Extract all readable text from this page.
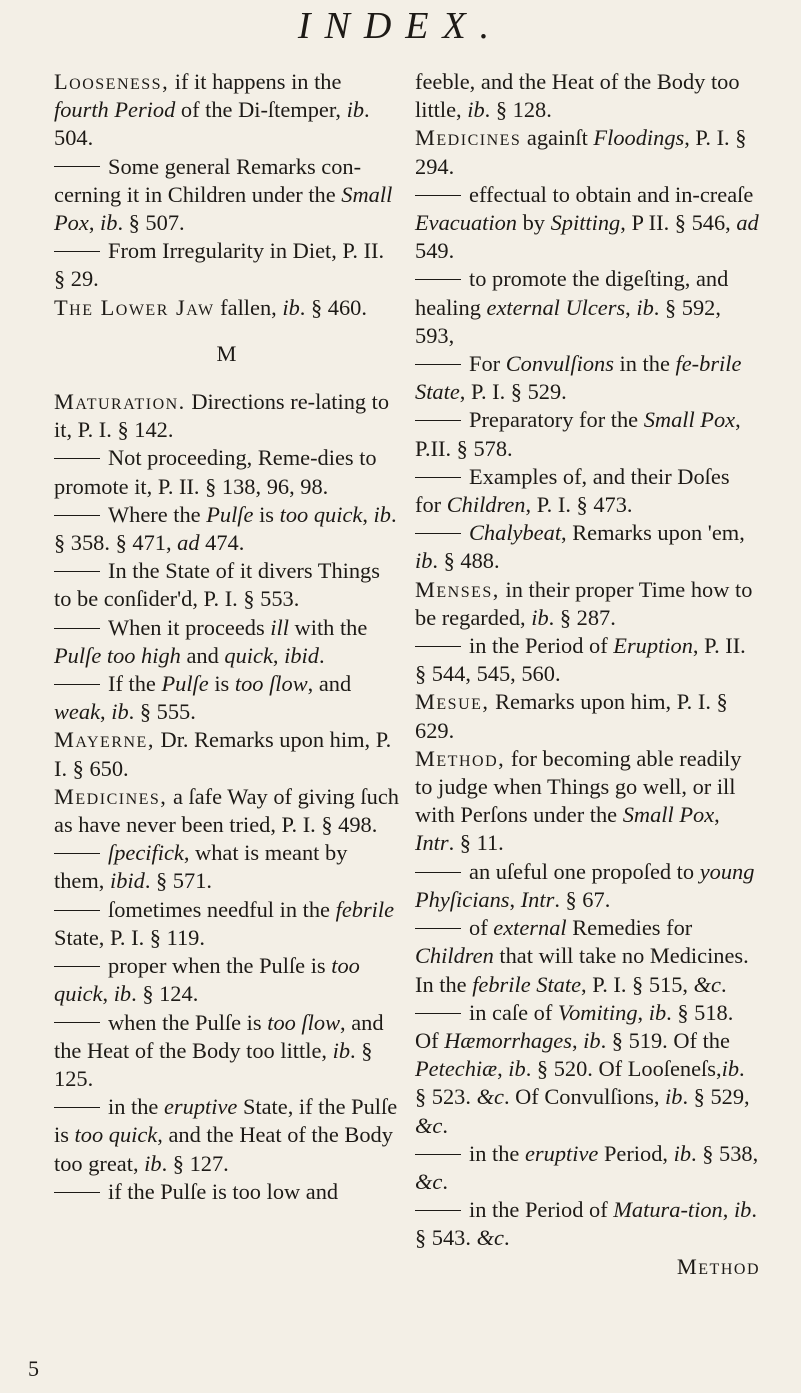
INDEX.

Looseness, if it happens in the fourth Period of the Di-ſtemper, ib. 504.

Some general Remarks con-cerning it in Children under the Small Pox, ib. § 507.

From Irregularity in Diet, P. II. § 29.

The Lower Jaw fallen, ib. § 460.

M

Maturation. Directions re-lating to it, P. I. § 142.

Not proceeding, Reme-dies to promote it, P. II. § 138, 96, 98.

Where the Pulſe is too quick, ib. § 358. § 471, ad 474.

In the State of it divers Things to be conſider'd, P. I. § 553.

When it proceeds ill with the Pulſe too high and quick, ibid.

If the Pulſe is too ſlow, and weak, ib. § 555.

Mayerne, Dr. Remarks upon him, P. I. § 650.

Medicines, a ſafe Way of giving ſuch as have never been tried, P. I. § 498.

ſpecifick, what is meant by them, ibid. § 571.

ſometimes needful in the febrile State, P. I. § 119.

proper when the Pulſe is too quick, ib. § 124.

when the Pulſe is too ſlow, and the Heat of the Body too little, ib. § 125.

in the eruptive State, if the Pulſe is too quick, and the Heat of the Body too great, ib. § 127.

if the Pulſe is too low and

feeble, and the Heat of the Body too little, ib. § 128.

Medicines againſt Floodings, P. I. § 294.

effectual to obtain and in-creaſe Evacuation by Spitting, P II. § 546, ad 549.

to promote the digeſting, and healing external Ulcers, ib. § 592, 593,

For Convulſions in the fe-brile State, P. I. § 529.

Preparatory for the Small Pox, P.II. § 578.

Examples of, and their Doſes for Children, P. I. § 473.

Chalybeat, Remarks upon 'em, ib. § 488.

Menses, in their proper Time how to be regarded, ib. § 287.

in the Period of Eruption, P. II. § 544, 545, 560.

Mesue, Remarks upon him, P. I. § 629.

Method, for becoming able readily to judge when Things go well, or ill with Perſons under the Small Pox, Intr. § 11.

an uſeful one propoſed to young Phyſicians, Intr. § 67.

of external Remedies for Children that will take no Medicines. In the febrile State, P. I. § 515, &c.

in caſe of Vomiting, ib. § 518. Of Hæmorrhages, ib. § 519. Of the Petechiæ, ib. § 520. Of Looſeneſs,ib. § 523. &c. Of Convulſions, ib. § 529, &c.

in the eruptive Period, ib. § 538, &c.

in the Period of Matura-tion, ib. § 543. &c.

Method

5
